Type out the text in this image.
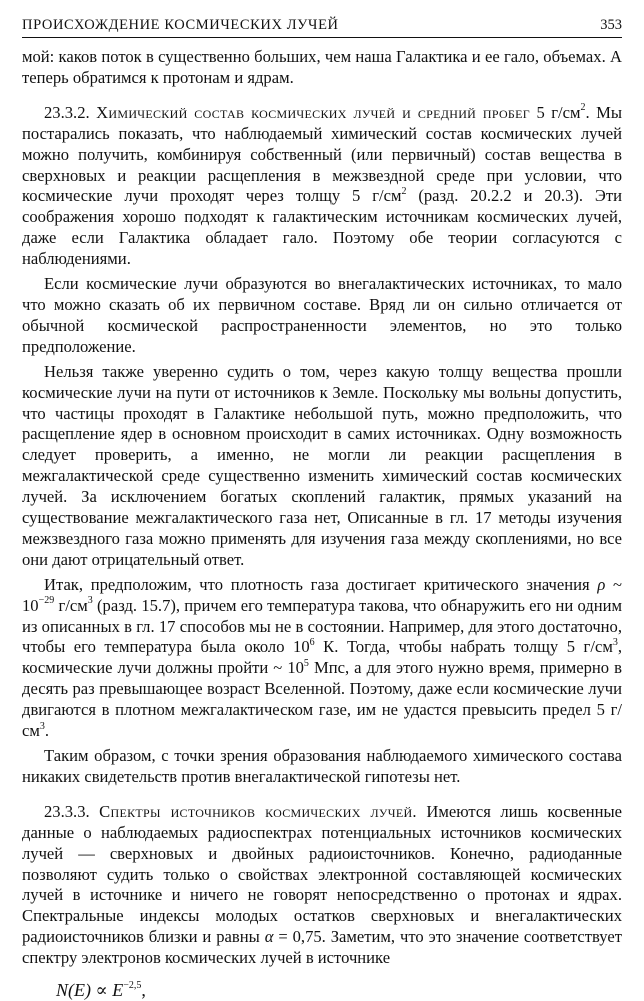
ПРОИСХОЖДЕНИЕ КОСМИЧЕСКИХ ЛУЧЕЙ	353

мой: каков поток в существенно больших, чем наша Галактика и ее гало, объемах. А теперь обратимся к протонам и ядрам.

23.3.2. Химический состав космических лучей и средний пробег 5 $г/см^2$. Мы постарались показать, что наблюдаемый химический состав космических лучей можно получить, комбинируя собственный (или первичный) состав вещества в сверхновых и реакции расщепления в межзвездной среде при условии, что космические лучи проходят через толщу 5 $г/см^2$ (разд. 20.2.2 и 20.3). Эти соображения хорошо подходят к галактическим источникам космических лучей, даже если Галактика обладает гало. Поэтому обе теории согласуются с наблюдениями.

Если космические лучи образуются во внегалактических источниках, то мало что можно сказать об их первичном составе. Вряд ли он сильно отличается от обычной космической распространенности элементов, но это только предположение.

Нельзя также уверенно судить о том, через какую толщу вещества прошли космические лучи на пути от источников к Земле. Поскольку мы вольны допустить, что частицы проходят в Галактике небольшой путь, можно предположить, что расщепление ядер в основном происходит в самих источниках. Одну возможность следует проверить, а именно, не могли ли реакции расщепления в межгалактической среде существенно изменить химический состав космических лучей. За исключением богатых скоплений галактик, прямых указаний на существование межгалактического газа нет, Описанные в гл. 17 методы изучения межзвездного газа можно применять для изучения газа между скоплениями, но все они дают отрицательный ответ.

Итак, предположим, что плотность газа достигает критического значения ρ ~ $10^{-29}$ $г/см^3$ (разд. 15.7), причем его температура такова, что обнаружить его ни одним из описанных в гл. 17 способов мы не в состоянии. Например, для этого достаточно, чтобы его температура была около $10^6$ К. Тогда, чтобы набрать толщу 5 $г/см^3$, космические лучи должны пройти ~ $10^5$ Мпс, а для этого нужно время, примерно в десять раз превышающее возраст Вселенной. Поэтому, даже если космические лучи двигаются в плотном межгалактическом газе, им не удастся превысить предел 5 $г/см^3$.

Таким образом, с точки зрения образования наблюдаемого химического состава никаких свидетельств против внегалактической гипотезы нет.

23.3.3. Спектры источников космических лучей. Имеются лишь косвенные данные о наблюдаемых радиоспектрах потенциальных источников космических лучей — сверхновых и двойных радиоисточников. Конечно, радиоданные позволяют судить только о свойствах электронной составляющей космических лучей в источнике и ничего не говорят непосредственно о протонах и ядрах. Спектральные индексы молодых остатков сверхновых и внегалактических радиоисточников близки и равны α = 0,75. Заметим, что это значение соответствует спектру электронов космических лучей в источнике

$N(E) \propto E^{-2,5}$,
